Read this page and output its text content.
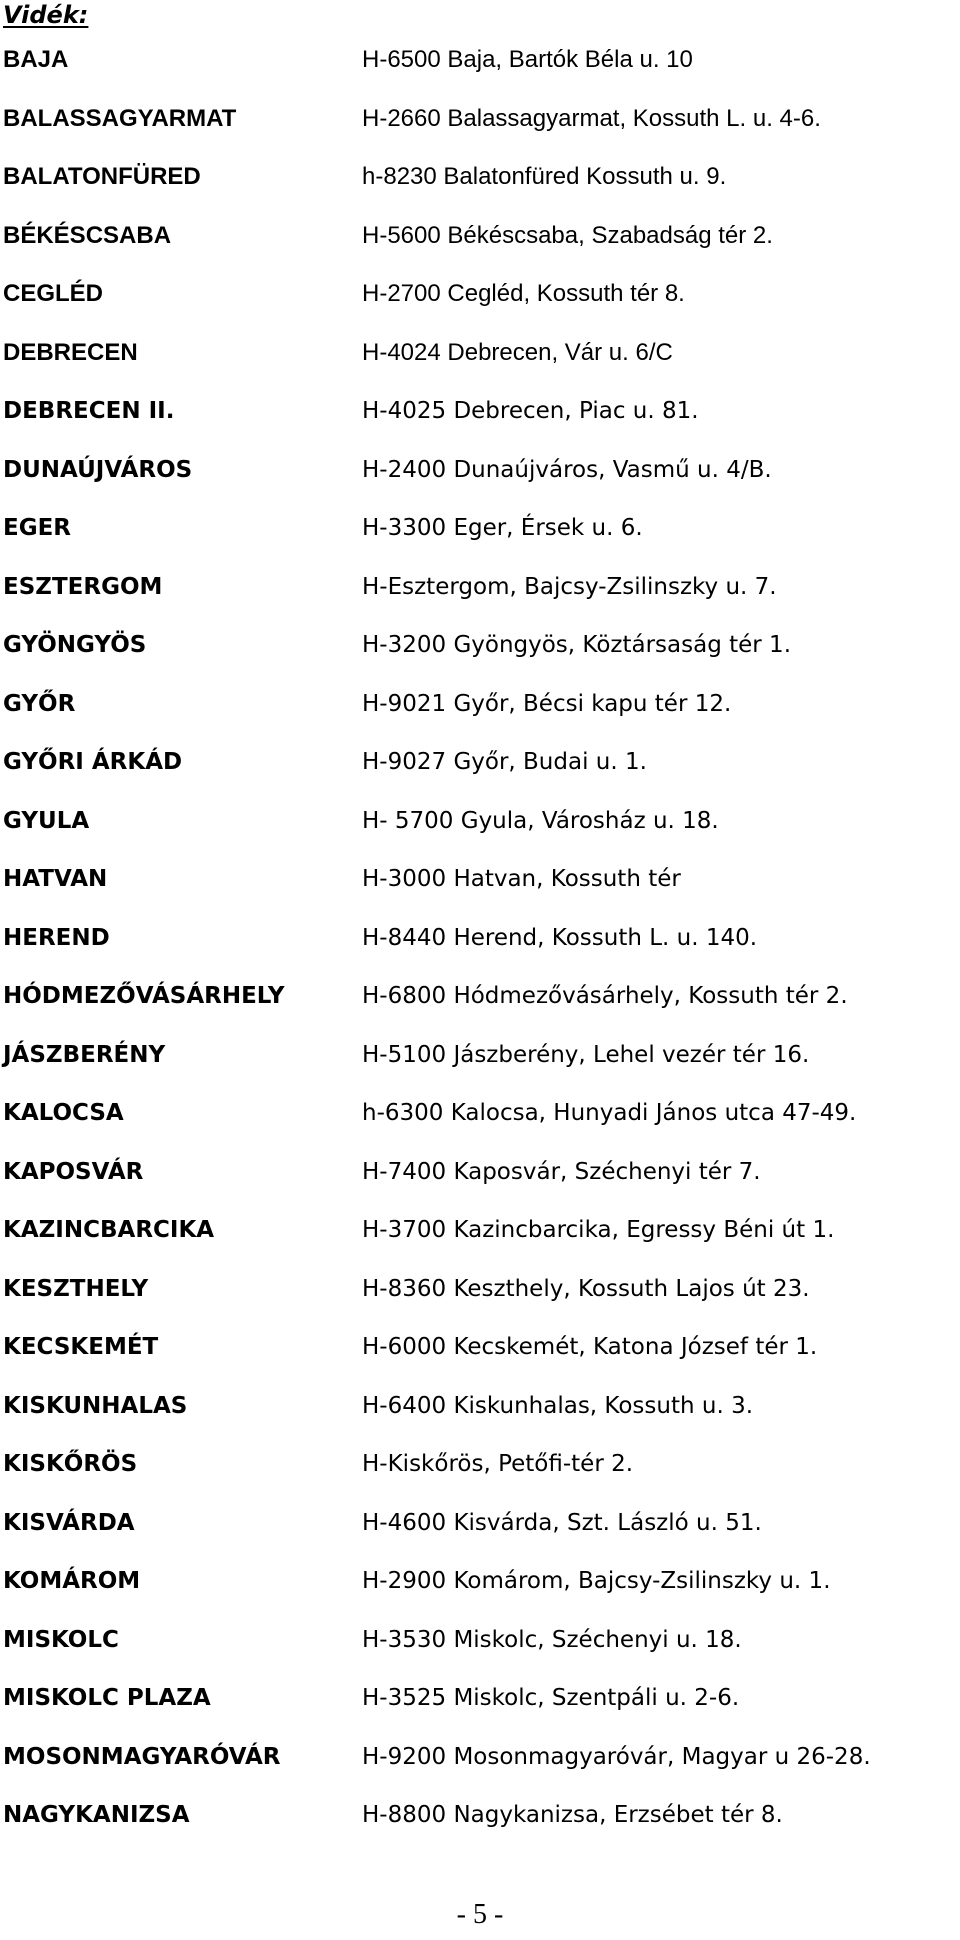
Vidék:
BAJA	H-6500 Baja, Bartók Béla u. 10
BALASSAGYARMAT	H-2660 Balassagyarmat, Kossuth L. u. 4-6.
BALATONFÜRED	h-8230 Balatonfüred Kossuth u. 9.
BÉKÉSCSABA	H-5600 Békéscsaba, Szabadság tér 2.
CEGLÉD	H-2700 Cegléd, Kossuth tér 8.
DEBRECEN	H-4024 Debrecen, Vár u. 6/C
DEBRECEN II.	H-4025 Debrecen, Piac u. 81.
DUNAÚJVÁROS	H-2400 Dunaújváros, Vasmű u. 4/B.
EGER	H-3300 Eger, Érsek u. 6.
ESZTERGOM	H-Esztergom, Bajcsy-Zsilinszky u. 7.
GYÖNGYÖS	H-3200 Gyöngyös, Köztársaság tér 1.
GYŐR	H-9021 Győr, Bécsi kapu tér 12.
GYŐRI ÁRKÁD	H-9027 Győr, Budai u. 1.
GYULA	H- 5700 Gyula, Városház u. 18.
HATVAN	H-3000 Hatvan, Kossuth tér
HEREND	H-8440 Herend, Kossuth L. u. 140.
HÓDMEZŐVÁSÁRHELY	H-6800 Hódmezővásárhely, Kossuth tér 2.
JÁSZBERÉNY	H-5100 Jászberény, Lehel vezér tér 16.
KALOCSA	h-6300 Kalocsa, Hunyadi János utca 47-49.
KAPOSVÁR	H-7400 Kaposvár, Széchenyi tér 7.
KAZINCBARCIKA	H-3700 Kazincbarcika, Egressy Béni út 1.
KESZTHELY	H-8360 Keszthely, Kossuth Lajos út 23.
KECSKEMÉT	H-6000 Kecskemét, Katona József tér 1.
KISKUNHALAS	H-6400 Kiskunhalas, Kossuth u. 3.
KISKŐRÖS	H-Kiskőrös, Petőfi-tér 2.
KISVÁRDA	H-4600 Kisvárda, Szt. László u. 51.
KOMÁROM	H-2900 Komárom, Bajcsy-Zsilinszky u. 1.
MISKOLC	H-3530 Miskolc, Széchenyi u. 18.
MISKOLC PLAZA	H-3525 Miskolc, Szentpáli u. 2-6.
MOSONMAGYARÓVÁR	H-9200 Mosonmagyaróvár, Magyar u 26-28.
NAGYKANIZSA	H-8800 Nagykanizsa, Erzsébet tér 8.
- 5 -
